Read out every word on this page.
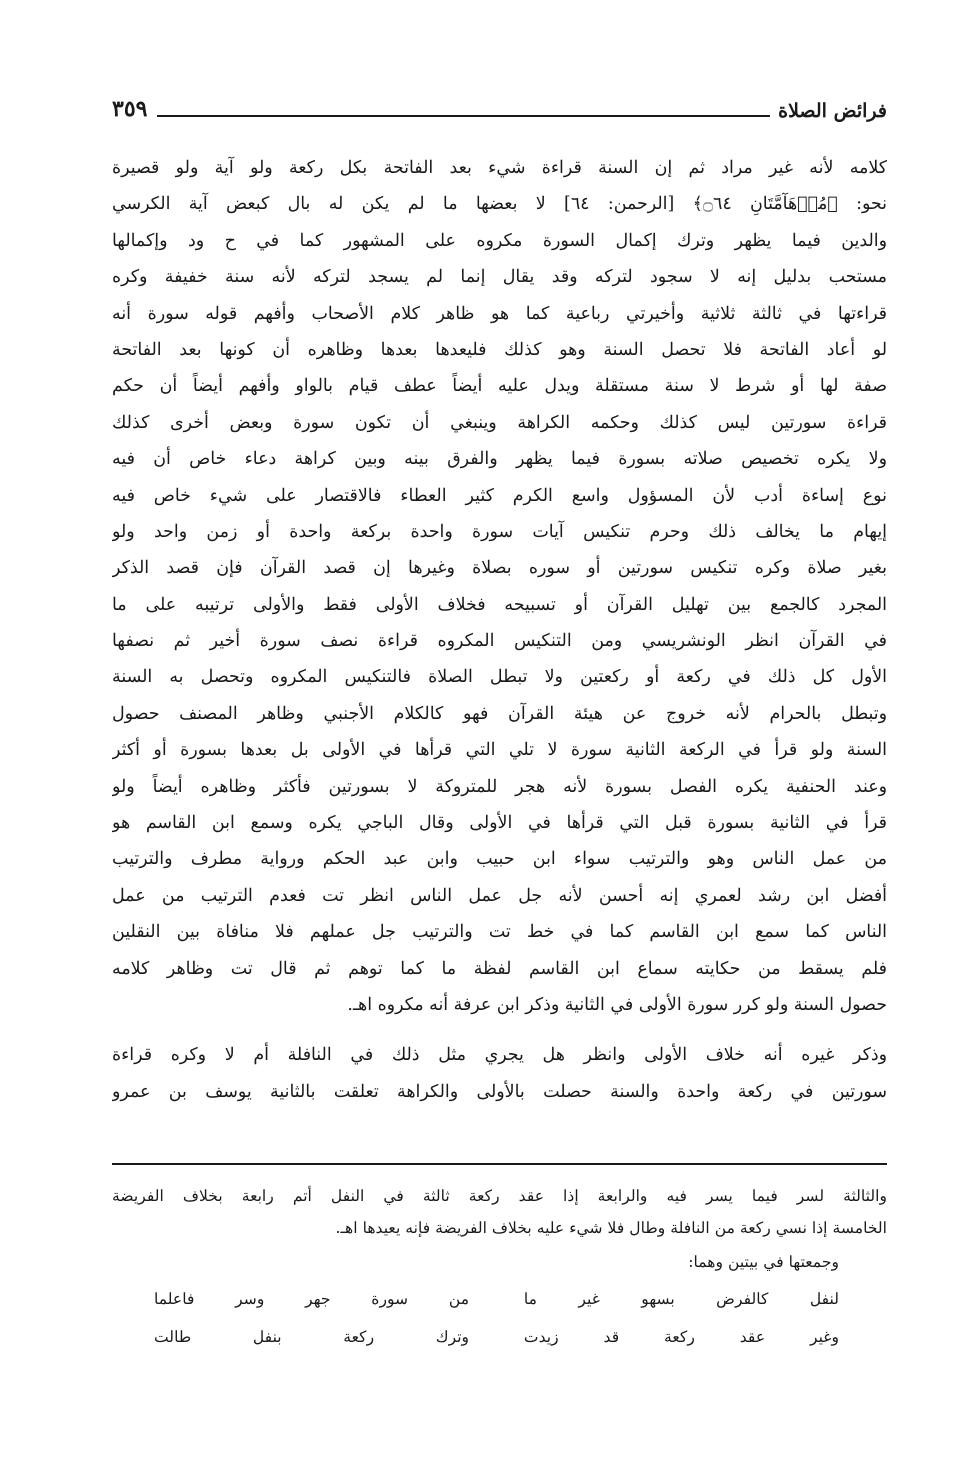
فرائض الصلاة
٣٥٩
كلامه لأنه غير مراد ثم إن السنة قراءة شيء بعد الفاتحة بكل ركعة ولو آية ولو قصيرة
نحو: ﴿مُدۡهَآمَّتَانِ ۝٦٤﴾ [الرحمن: ٦٤] لا بعضها ما لم يكن له بال كبعض آية الكرسي
والدين فيما يظهر وترك إكمال السورة مكروه على المشهور كما في ح ود وإكمالها
مستحب بدليل إنه لا سجود لتركه وقد يقال إنما لم يسجد لتركه لأنه سنة خفيفة وكره
قراءتها في ثالثة ثلاثية وأخيرتي رباعية كما هو ظاهر كلام الأصحاب وأفهم قوله سورة أنه
لو أعاد الفاتحة فلا تحصل السنة وهو كذلك فليعدها بعدها وظاهره أن كونها بعد الفاتحة
صفة لها أو شرط لا سنة مستقلة ويدل عليه أيضاً عطف قيام بالواو وأفهم أيضاً أن حكم
قراءة سورتين ليس كذلك وحكمه الكراهة وينبغي أن تكون سورة وبعض أخرى كذلك
ولا يكره تخصيص صلاته بسورة فيما يظهر والفرق بينه وبين كراهة دعاء خاص أن فيه
نوع إساءة أدب لأن المسؤول واسع الكرم كثير العطاء فالاقتصار على شيء خاص فيه
إيهام ما يخالف ذلك وحرم تنكيس آيات سورة واحدة بركعة واحدة أو زمن واحد ولو
بغير صلاة وكره تنكيس سورتين أو سوره بصلاة وغيرها إن قصد القرآن فإن قصد الذكر
المجرد كالجمع بين تهليل القرآن أو تسبيحه فخلاف الأولى فقط والأولى ترتيبه على ما
في القرآن انظر الونشريسي ومن التنكيس المكروه قراءة نصف سورة أخير ثم نصفها
الأول كل ذلك في ركعة أو ركعتين ولا تبطل الصلاة فالتنكيس المكروه وتحصل به السنة
وتبطل بالحرام لأنه خروج عن هيئة القرآن فهو كالكلام الأجنبي وظاهر المصنف حصول
السنة ولو قرأ في الركعة الثانية سورة لا تلي التي قرأها في الأولى بل بعدها بسورة أو أكثر
وعند الحنفية يكره الفصل بسورة لأنه هجر للمتروكة لا بسورتين فأكثر وظاهره أيضاً ولو
قرأ في الثانية بسورة قبل التي قرأها في الأولى وقال الباجي يكره وسمع ابن القاسم هو
من عمل الناس وهو والترتيب سواء ابن حبيب وابن عبد الحكم ورواية مطرف والترتيب
أفضل ابن رشد لعمري إنه أحسن لأنه جل عمل الناس انظر تت فعدم الترتيب من عمل
الناس كما سمع ابن القاسم كما في خط تت والترتيب جل عملهم فلا منافاة بين النقلين
فلم يسقط من حكايته سماع ابن القاسم لفظة ما كما توهم ثم قال تت وظاهر كلامه
حصول السنة ولو كرر سورة الأولى في الثانية وذكر ابن عرفة أنه مكروه اهـ.
وذكر غيره أنه خلاف الأولى وانظر هل يجري مثل ذلك في النافلة أم لا وكره قراءة
سورتين في ركعة واحدة والسنة حصلت بالأولى والكراهة تعلقت بالثانية يوسف بن عمرو
والثالثة لسر فيما يسر فيه والرابعة إذا عقد ركعة ثالثة في النفل أتم رابعة بخلاف الفريضة
الخامسة إذا نسي ركعة من النافلة وطال فلا شيء عليه بخلاف الفريضة فإنه يعيدها اهـ.
وجمعتها في بيتين وهما:
لنفل كالفرض بسهو غير ما
من سورة جهر وسر فاعلما
وغير عقد ركعة قد زيدت
وترك ركعة بنفل طالت
